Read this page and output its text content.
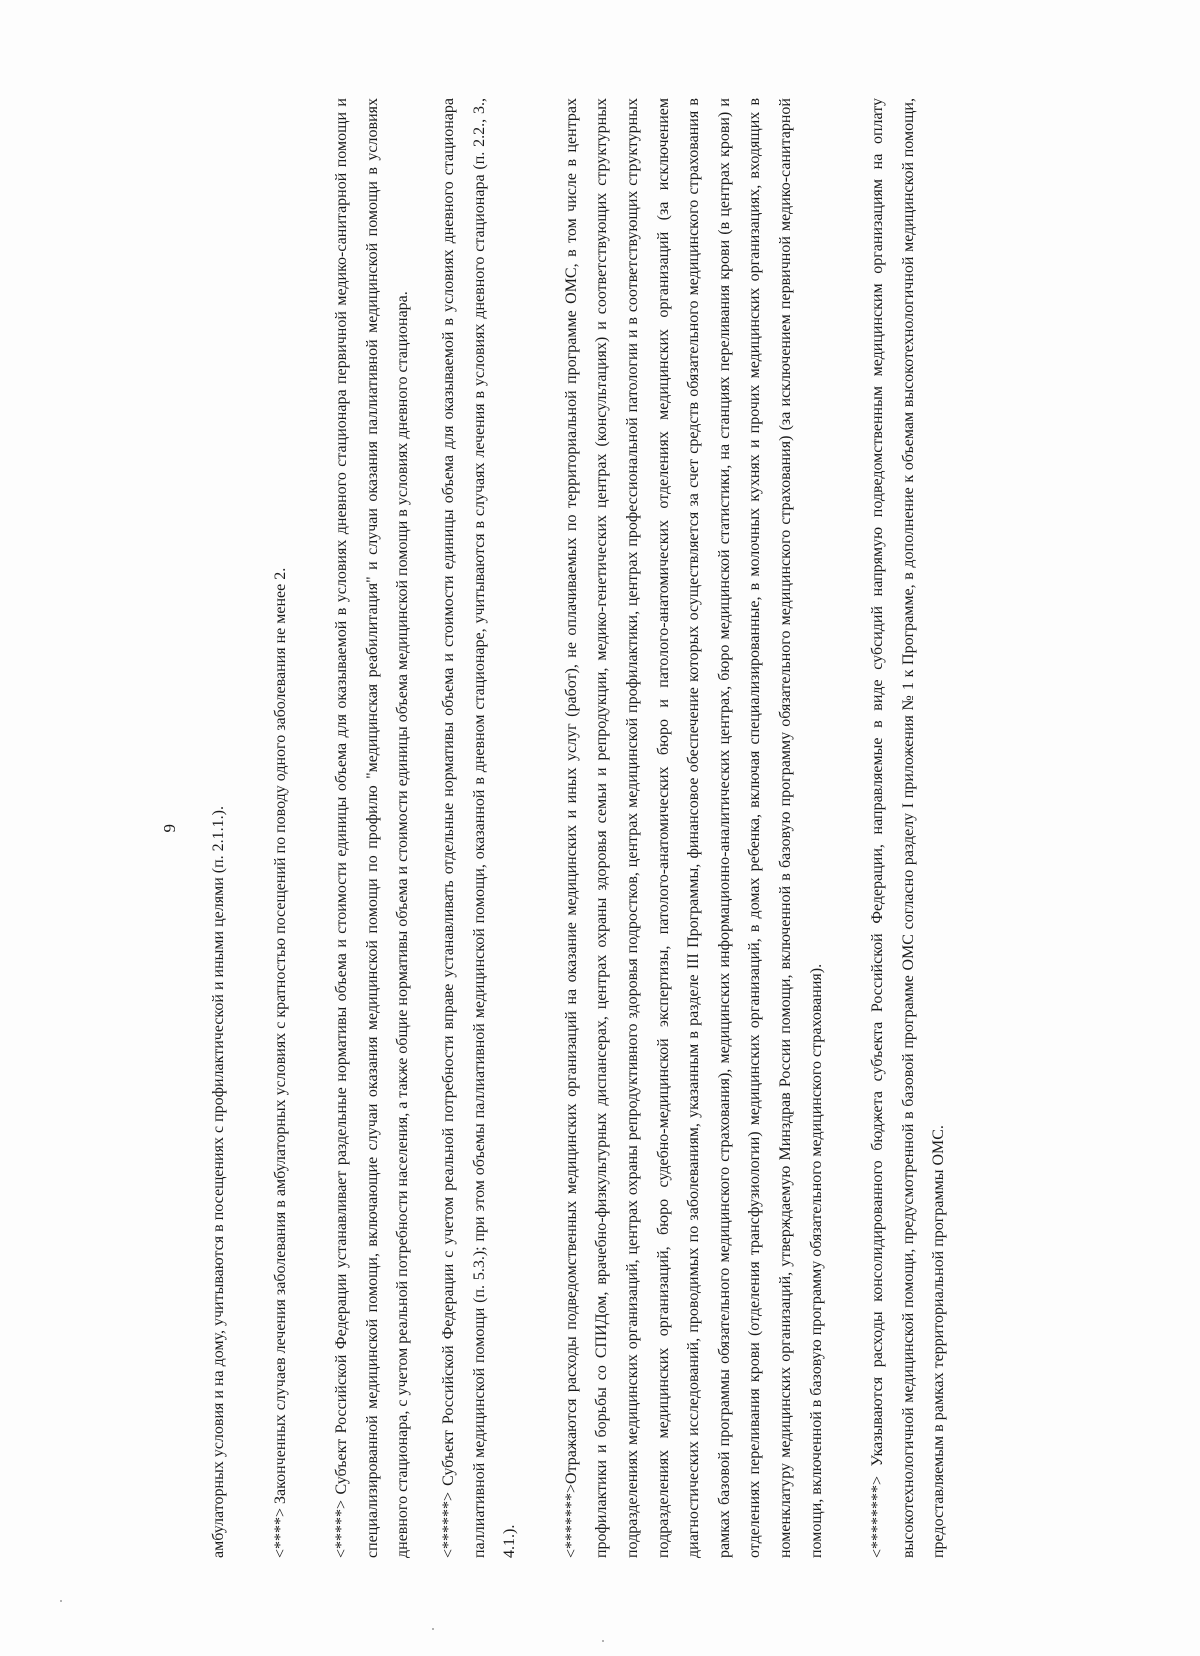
9	амбулаторных условия и на дому, учитываются в посещениях с профилактической и иными целями (п. 2.1.1.).	<****> Законченных случаев лечения заболевания в амбулаторных условиях с кратностью посещений по поводу одного заболевания не менее 2.	<*****> Субъект Российской Федерации устанавливает раздельные нормативы объема и стоимости единицы объема для оказываемой в условиях дневного стационара первичной медико-санитарной помощи и специализированной медицинской помощи, включающие случаи оказания медицинской помощи по профилю "медицинская реабилитация" и случаи оказания паллиативной медицинской помощи в условиях дневного стационара, с учетом реальной потребности населения, а также общие нормативы объема и стоимости единицы объема медицинской помощи в условиях дневного стационара.	<******> Субъект Российской Федерации с учетом реальной потребности вправе устанавливать отдельные нормативы объема и стоимости единицы объема для оказываемой в условиях дневного стационара паллиативной медицинской помощи (п. 5.3.); при этом объемы паллиативной медицинской помощи, оказанной в дневном стационаре, учитываются в случаях лечения в условиях дневного стационара (п. 2.2., 3., 4.1.).	<*******>Отражаются расходы подведомственных медицинских организаций на оказание медицинских и иных услуг (работ), не оплачиваемых по территориальной программе ОМС, в том числе в центрах профилактики и борьбы со СПИДом, врачебно-физкультурных диспансерах, центрах охраны здоровья семьи и репродукции, медико-генетических центрах (консультациях) и соответствующих структурных подразделениях медицинских организаций, центрах охраны репродуктивного здоровья подростков, центрах медицинской профилактики, центрах профессиональной патологии и в соответствующих структурных подразделениях медицинских организаций, бюро судебно-медицинской экспертизы, патолого-анатомических бюро и патолого-анатомических отделениях медицинских организаций (за исключением диагностических исследований, проводимых по заболеваниям, указанным в разделе III Программы, финансовое обеспечение которых осуществляется за счет средств обязательного медицинского страхования в рамках базовой программы обязательного медицинского страхования), медицинских информационно-аналитических центрах, бюро медицинской статистики, на станциях переливания крови (в центрах крови) и отделениях переливания крови (отделения трансфузиологии) медицинских организаций, в домах ребенка, включая специализированные, в молочных кухнях и прочих медицинских организациях, входящих в номенклатуру медицинских организаций, утверждаемую Минздрав России помощи, включенной в базовую программу обязательного медицинского страхования) (за исключением первичной медико-санитарной помощи, включенной в базовую программу обязательного медицинского страхования).	<********> Указываются расходы консолидированного бюджета субъекта Российской Федерации, направляемые в виде субсидий напрямую подведомственным медицинским организациям на оплату высокотехнологичной медицинской помощи, предусмотренной в базовой программе ОМС согласно разделу I приложения № 1 к Программе, в дополнение к объемам высокотехнологичной медицинской помощи, предоставляемым в рамках территориальной программы ОМС.
